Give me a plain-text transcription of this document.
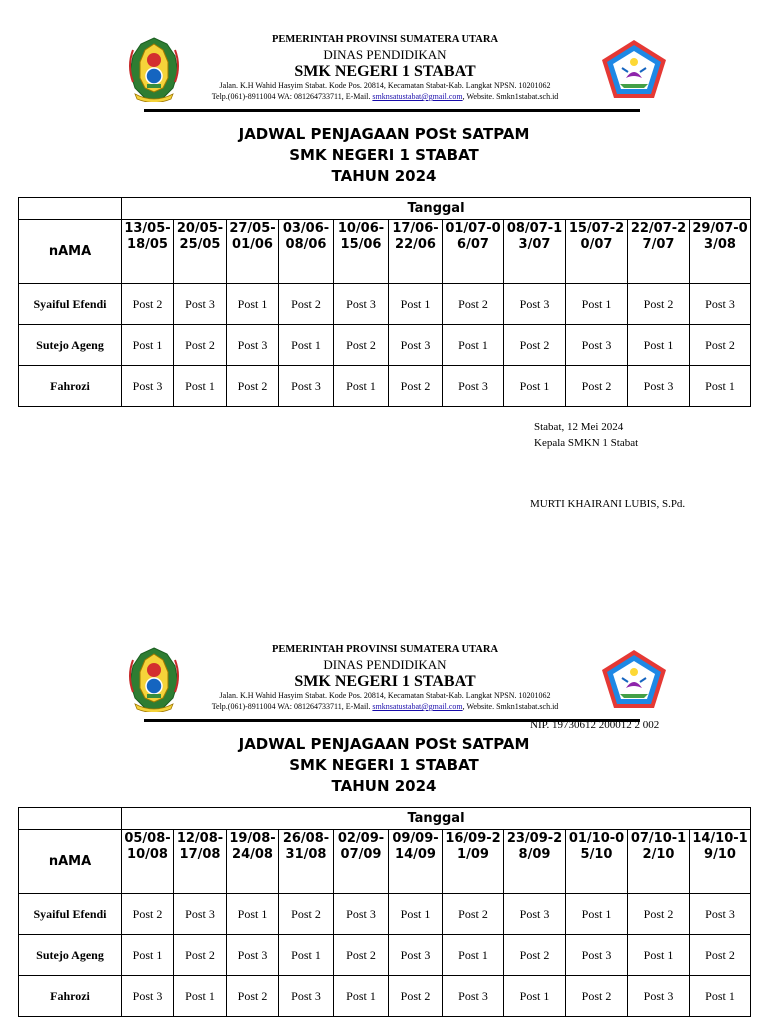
PEMERINTAH PROVINSI SUMATERA UTARA
DINAS PENDIDIKAN
SMK NEGERI 1 STABAT
Jalan. K.H Wahid Hasyim Stabat. Kode Pos. 20814, Kecamatan Stabat-Kab. Langkat NPSN. 10201062
Telp.(061)-8911004 WA: 081264733711, E-Mail. smknsatustabat@gmail.com, Website. Smkn1stabat.sch.id
JADWAL PENJAGAAN POSt SATPAM
SMK NEGERI 1 STABAT
TAHUN 2024
	Tanggal										
nAMA	13/05-18/05	20/05-25/05	27/05-01/06	03/06-08/06	10/06-15/06	17/06-22/06	01/07-06/07	08/07-13/07	15/07-20/07	22/07-27/07	29/07-03/08
Syaiful Efendi	Post 2	Post 3	Post 1	Post 2	Post 3	Post 1	Post 2	Post 3	Post 1	Post 2	Post 3
Sutejo Ageng	Post 1	Post 2	Post 3	Post 1	Post 2	Post 3	Post 1	Post 2	Post 3	Post 1	Post 2
Fahrozi	Post 3	Post 1	Post 2	Post 3	Post 1	Post 2	Post 3	Post 1	Post 2	Post 3	Post 1
Stabat, 12 Mei 2024
Kepala SMKN 1 Stabat
MURTI KHAIRANI LUBIS, S.Pd.
PEMERINTAH PROVINSI SUMATERA UTARA
DINAS PENDIDIKAN
SMK NEGERI 1 STABAT
Jalan. K.H Wahid Hasyim Stabat. Kode Pos. 20814, Kecamatan Stabat-Kab. Langkat NPSN. 10201062
Telp.(061)-8911004 WA: 081264733711, E-Mail. smknsatustabat@gmail.com, Website. Smkn1stabat.sch.id
NIP. 19730612 200012 2 002
JADWAL PENJAGAAN POSt SATPAM
SMK NEGERI 1 STABAT
TAHUN 2024
	Tanggal										
nAMA	05/08-10/08	12/08-17/08	19/08-24/08	26/08-31/08	02/09-07/09	09/09-14/09	16/09-21/09	23/09-28/09	01/10-05/10	07/10-12/10	14/10-19/10
Syaiful Efendi	Post 2	Post 3	Post 1	Post 2	Post 3	Post 1	Post 2	Post 3	Post 1	Post 2	Post 3
Sutejo Ageng	Post 1	Post 2	Post 3	Post 1	Post 2	Post 3	Post 1	Post 2	Post 3	Post 1	Post 2
Fahrozi	Post 3	Post 1	Post 2	Post 3	Post 1	Post 2	Post 3	Post 1	Post 2	Post 3	Post 1
